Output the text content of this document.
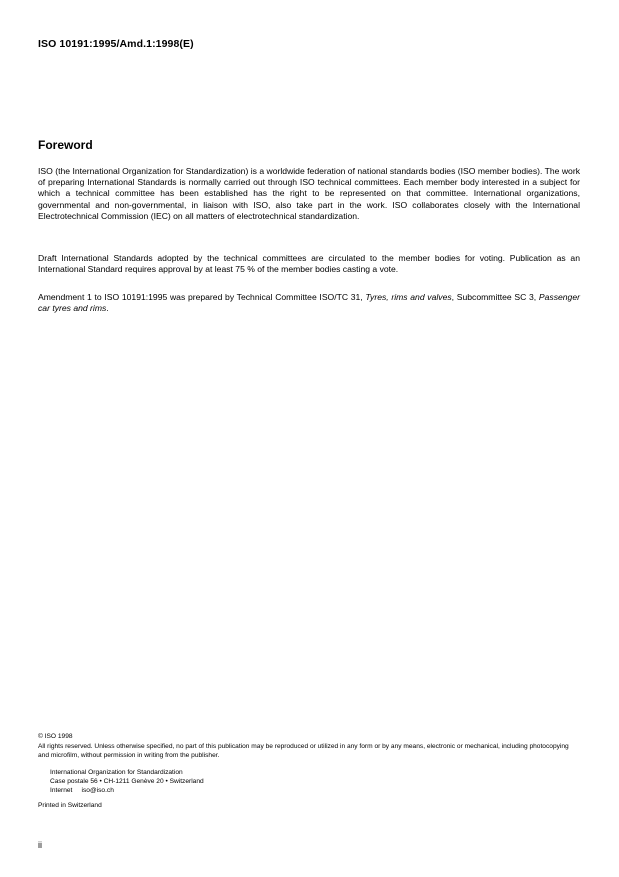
ISO 10191:1995/Amd.1:1998(E)
Foreword

ISO (the International Organization for Standardization) is a worldwide federation of national standards bodies (ISO member bodies). The work of preparing International Standards is normally carried out through ISO technical committees. Each member body interested in a subject for which a technical committee has been established has the right to be represented on that committee. International organizations, governmental and non-governmental, in liaison with ISO, also take part in the work. ISO collaborates closely with the International Electrotechnical Commission (IEC) on all matters of electrotechnical standardization.

Draft International Standards adopted by the technical committees are circulated to the member bodies for voting. Publication as an International Standard requires approval by at least 75 % of the member bodies casting a vote.

Amendment 1 to ISO 10191:1995 was prepared by Technical Committee ISO/TC 31, Tyres, rims and valves, Subcommittee SC 3, Passenger car tyres and rims.

© ISO 1998
All rights reserved. Unless otherwise specified, no part of this publication may be reproduced or utilized in any form or by any means, electronic or mechanical, including photocopying and microfilm, without permission in writing from the publisher.
International Organization for Standardization
Case postale 56 • CH-1211 Genève 20 • Switzerland
Internet iso@iso.ch
Printed in Switzerland
ii
